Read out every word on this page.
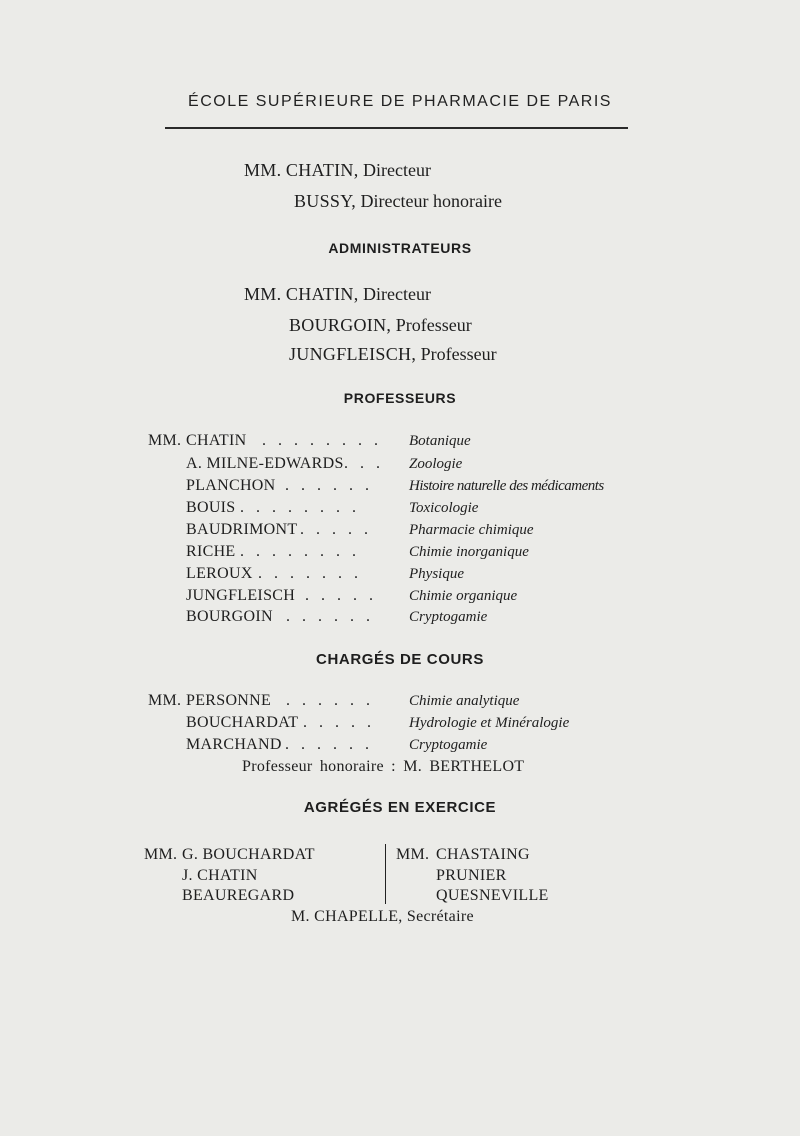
ÉCOLE SUPÉRIEURE DE PHARMACIE DE PARIS
MM. CHATIN, Directeur
BUSSY, Directeur honoraire
ADMINISTRATEURS
MM. CHATIN, Directeur
BOURGOIN, Professeur
JUNGFLEISCH, Professeur
PROFESSEURS
MM. CHATIN . . . . . . . . Botanique
A. MILNE-EDWARDS . . . Zoologie
PLANCHON . . . . . . Histoire naturelle des médicaments
BOUIS . . . . . . . .	Toxicologie
BAUDRIMONT . . . . . Pharmacie chimique
RICHE . . . . . . . .	Chimie inorganique
LEROUX . . . . . . .	Physique
JUNGFLEISCH . . . . . Chimie organique
BOURGOIN . . . . . . Cryptogamie
CHARGÉS DE COURS
MM. PERSONNE . . . . . . Chimie analytique
BOUCHARDAT . . . . . Hydrologie et Minéralogie
MARCHAND . . . . . . Cryptogamie
Professeur honoraire : M. BERTHELOT
AGRÉGÉS EN EXERCICE
MM. G. BOUCHARDAT
J. CHATIN
BEAUREGARD
MM. CHASTAING
PRUNIER
QUESNEVILLE
M. CHAPELLE, Secrétaire
